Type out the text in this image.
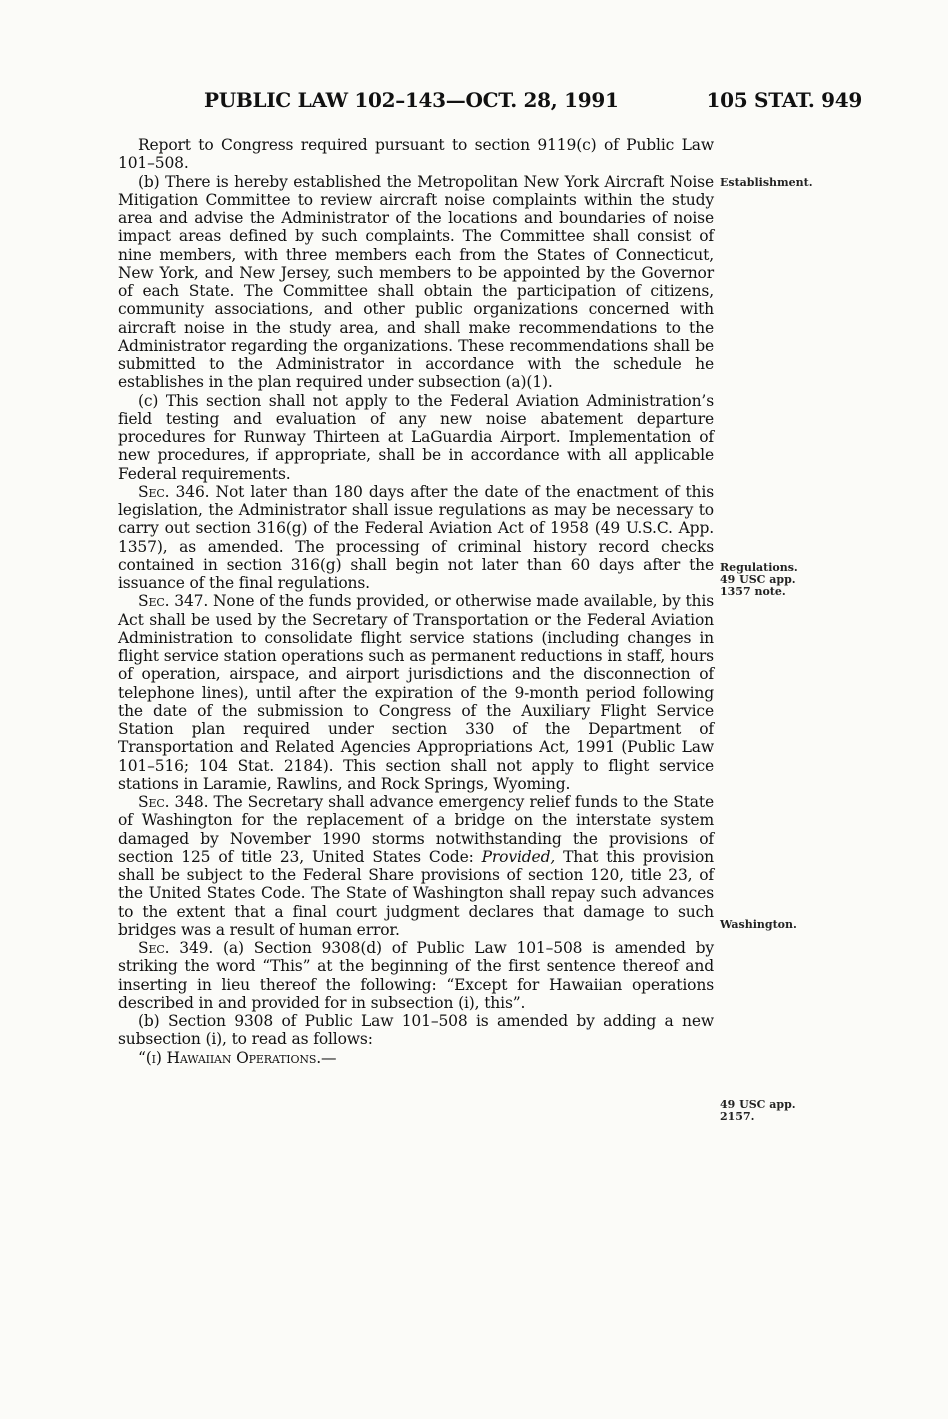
PUBLIC LAW 102–143—OCT. 28, 1991	105 STAT. 949

Report to Congress required pursuant to section 9119(c) of Public Law 101–508.

(b) There is hereby established the Metropolitan New York Aircraft Noise Mitigation Committee to review aircraft noise complaints within the study area and advise the Administrator of the locations and boundaries of noise impact areas defined by such complaints. The Committee shall consist of nine members, with three members each from the States of Connecticut, New York, and New Jersey, such members to be appointed by the Governor of each State. The Committee shall obtain the participation of citizens, community associations, and other public organizations concerned with aircraft noise in the study area, and shall make recommendations to the Administrator regarding the organizations. These recommendations shall be submitted to the Administrator in accordance with the schedule he establishes in the plan required under subsection (a)(1).

(c) This section shall not apply to the Federal Aviation Administration’s field testing and evaluation of any new noise abatement departure procedures for Runway Thirteen at LaGuardia Airport. Implementation of new procedures, if appropriate, shall be in accordance with all applicable Federal requirements.

Sec. 346. Not later than 180 days after the date of the enactment of this legislation, the Administrator shall issue regulations as may be necessary to carry out section 316(g) of the Federal Aviation Act of 1958 (49 U.S.C. App. 1357), as amended. The processing of criminal history record checks contained in section 316(g) shall begin not later than 60 days after the issuance of the final regulations.

Sec. 347. None of the funds provided, or otherwise made available, by this Act shall be used by the Secretary of Transportation or the Federal Aviation Administration to consolidate flight service stations (including changes in flight service station operations such as permanent reductions in staff, hours of operation, airspace, and airport jurisdictions and the disconnection of telephone lines), until after the expiration of the 9-month period following the date of the submission to Congress of the Auxiliary Flight Service Station plan required under section 330 of the Department of Transportation and Related Agencies Appropriations Act, 1991 (Public Law 101–516; 104 Stat. 2184). This section shall not apply to flight service stations in Laramie, Rawlins, and Rock Springs, Wyoming.

Sec. 348. The Secretary shall advance emergency relief funds to the State of Washington for the replacement of a bridge on the interstate system damaged by November 1990 storms notwithstanding the provisions of section 125 of title 23, United States Code: Provided, That this provision shall be subject to the Federal Share provisions of section 120, title 23, of the United States Code. The State of Washington shall repay such advances to the extent that a final court judgment declares that damage to such bridges was a result of human error.

Sec. 349. (a) Section 9308(d) of Public Law 101–508 is amended by striking the word “This” at the beginning of the first sentence thereof and inserting in lieu thereof the following: “Except for Hawaiian operations described in and provided for in subsection (i), this”.

(b) Section 9308 of Public Law 101–508 is amended by adding a new subsection (i), to read as follows:

“(i) Hawaiian Operations.—

Establishment.
Regulations.
49 USC app.
1357 note.
Washington.
49 USC app.
2157.
